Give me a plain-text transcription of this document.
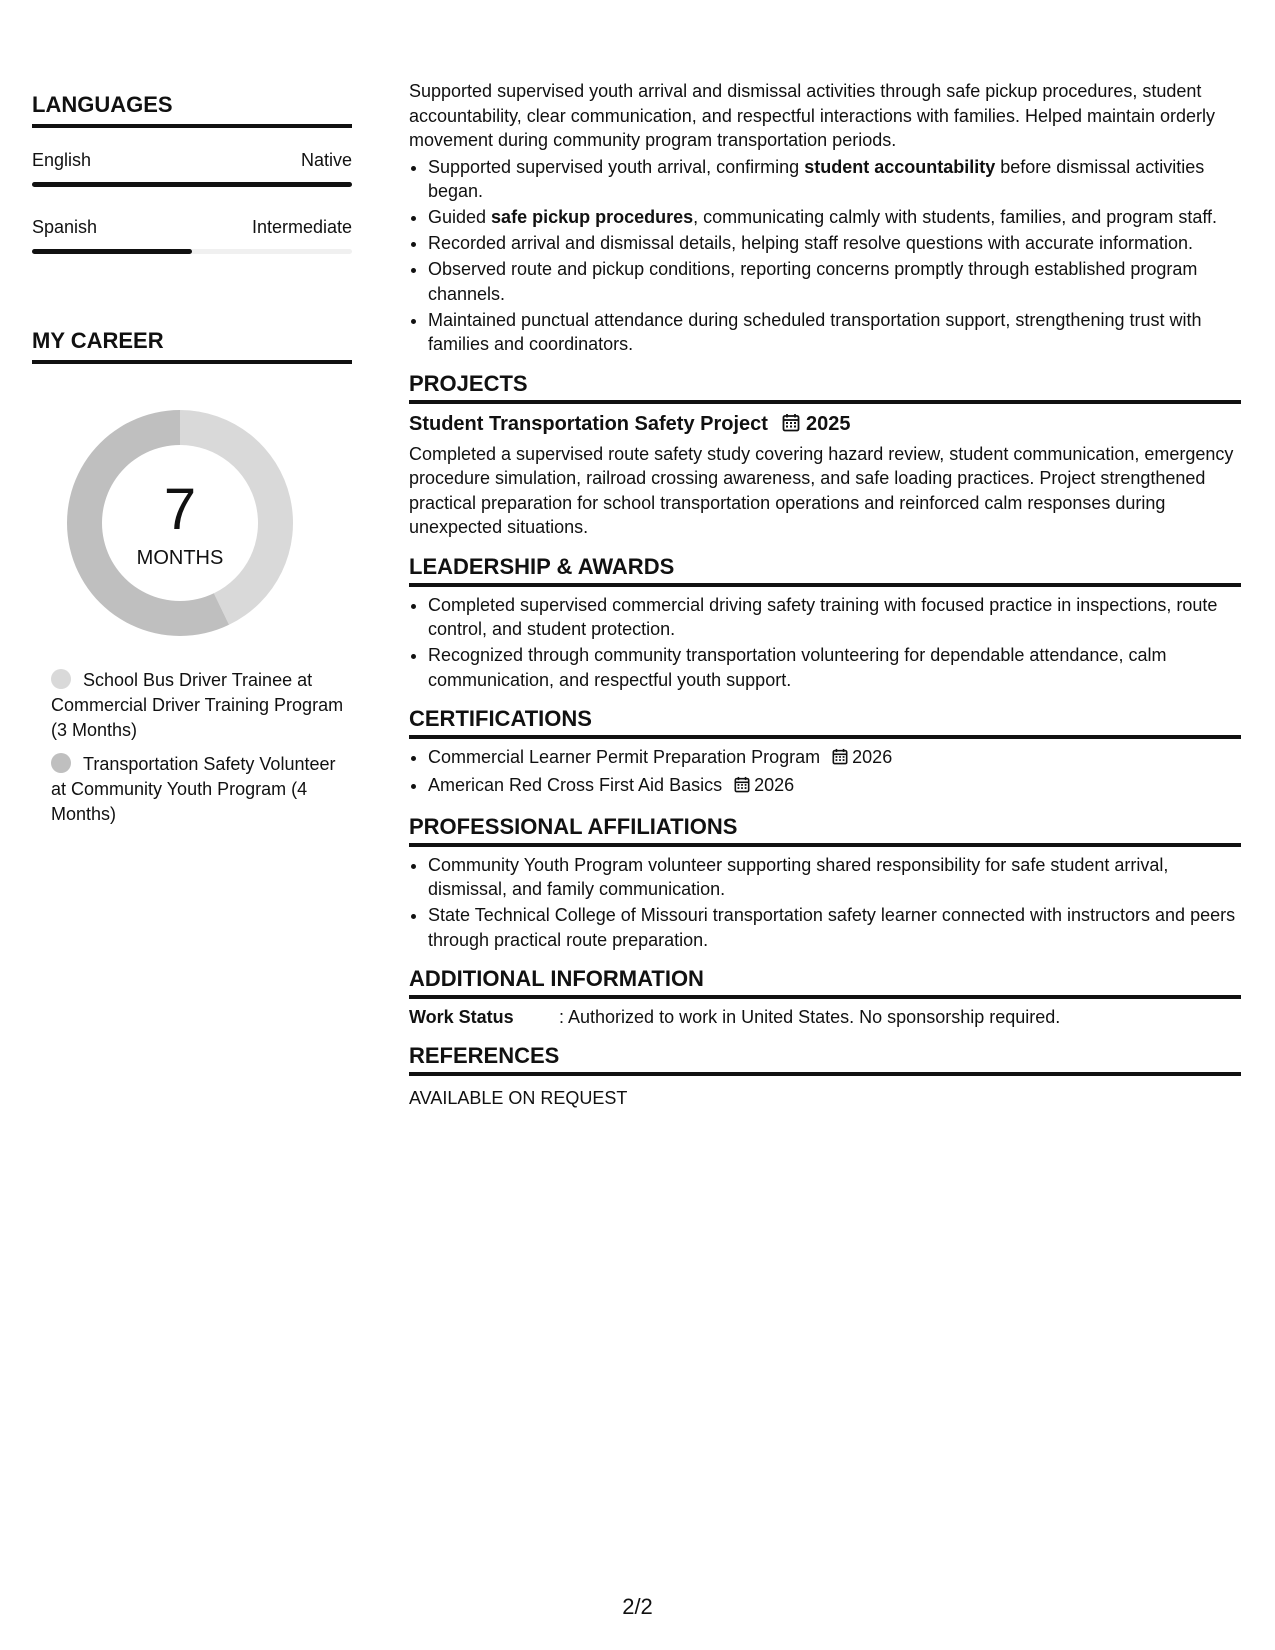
LANGUAGES
English	Native
Spanish	Intermediate
MY CAREER
7
MONTHS
School Bus Driver Trainee at Commercial Driver Training Program (3 Months)
Transportation Safety Volunteer at Community Youth Program (4 Months)

Supported supervised youth arrival and dismissal activities through safe pickup procedures, student accountability, clear communication, and respectful interactions with families. Helped maintain orderly movement during community program transportation periods.

• Supported supervised youth arrival, confirming student accountability before dismissal activities began.
• Guided safe pickup procedures, communicating calmly with students, families, and program staff.
• Recorded arrival and dismissal details, helping staff resolve questions with accurate information.
• Observed route and pickup conditions, reporting concerns promptly through established program channels.
• Maintained punctual attendance during scheduled transportation support, strengthening trust with families and coordinators.
PROJECTS
Student Transportation Safety Project 2025

Completed a supervised route safety study covering hazard review, student communication, emergency procedure simulation, railroad crossing awareness, and safe loading practices. Project strengthened practical preparation for school transportation operations and reinforced calm responses during unexpected situations.

LEADERSHIP & AWARDS
• Completed supervised commercial driving safety training with focused practice in inspections, route control, and student protection.
• Recognized through community transportation volunteering for dependable attendance, calm communication, and respectful youth support.
CERTIFICATIONS
• Commercial Learner Permit Preparation Program 2026
• American Red Cross First Aid Basics 2026
PROFESSIONAL AFFILIATIONS
• Community Youth Program volunteer supporting shared responsibility for safe student arrival, dismissal, and family communication.
• State Technical College of Missouri transportation safety learner connected with instructors and peers through practical route preparation.
ADDITIONAL INFORMATION
Work Status	: Authorized to work in United States. No sponsorship required.
REFERENCES
AVAILABLE ON REQUEST
2/2
